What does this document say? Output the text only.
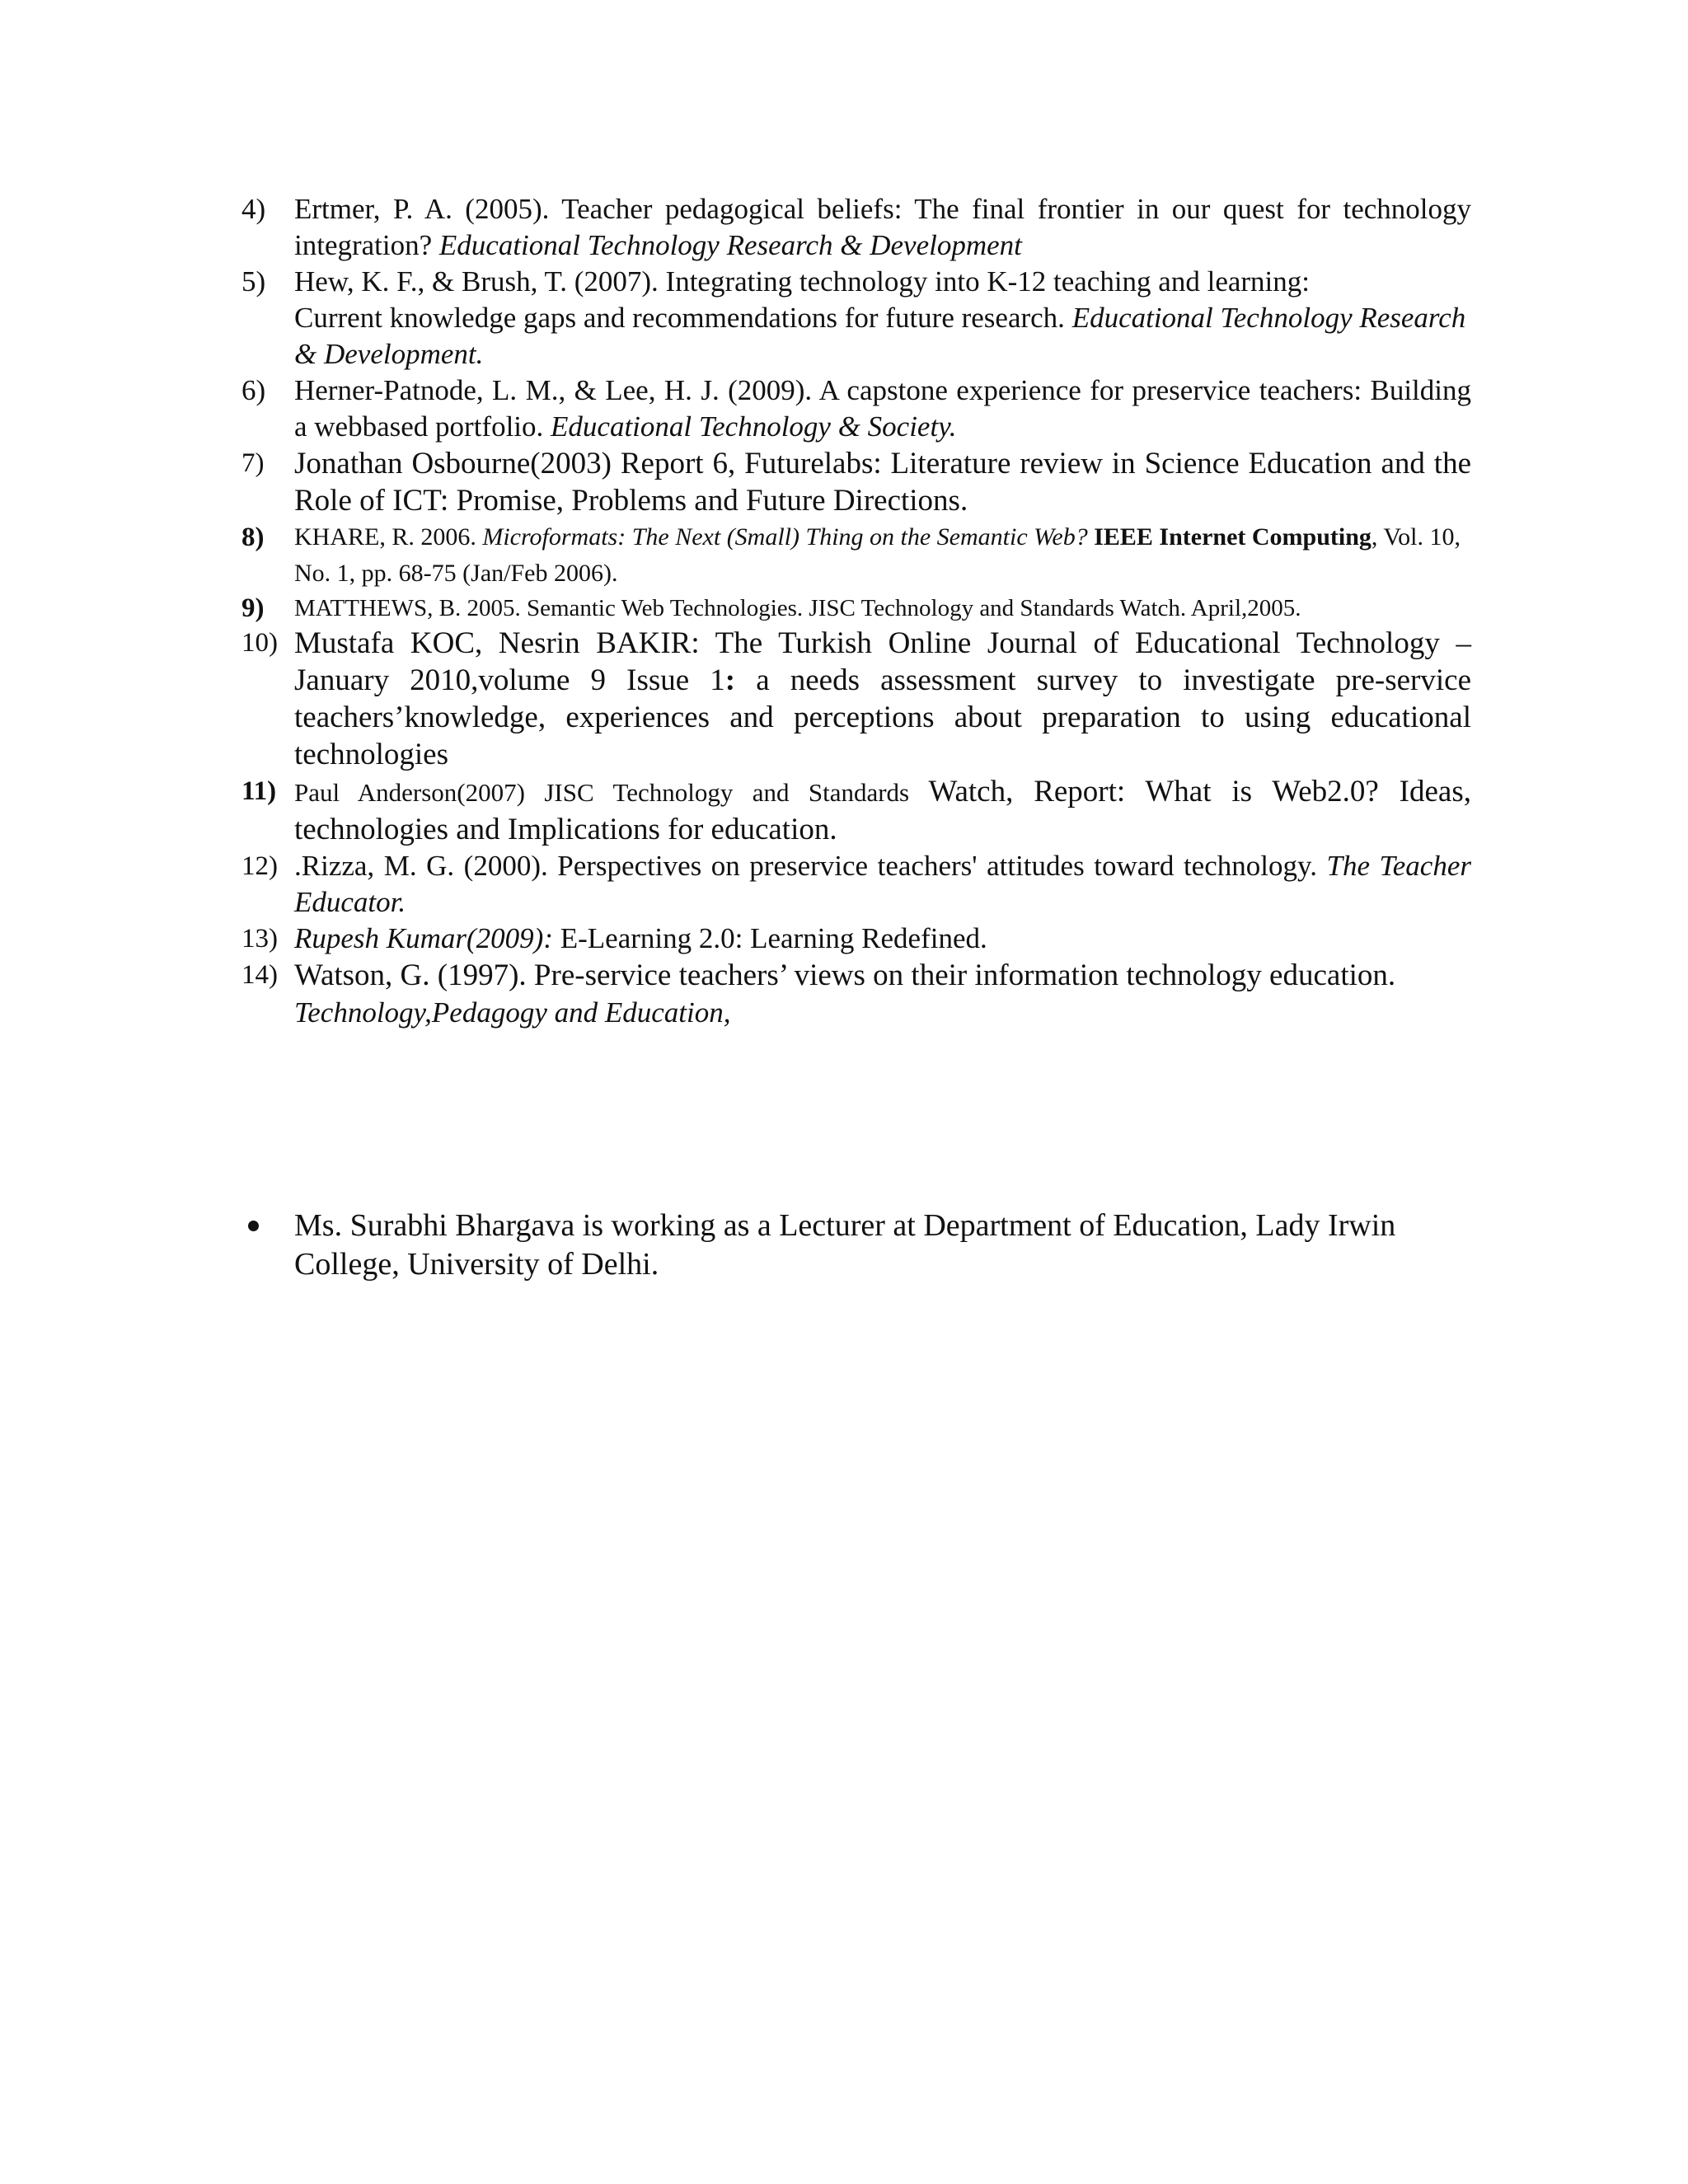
4) Ertmer, P. A. (2005). Teacher pedagogical beliefs: The final frontier in our quest for technology integration? Educational Technology Research & Development
5) Hew, K. F., & Brush, T. (2007). Integrating technology into K-12 teaching and learning:
Current knowledge gaps and recommendations for future research. Educational Technology Research & Development.
6) Herner-Patnode, L. M., & Lee, H. J. (2009). A capstone experience for preservice teachers: Building a webbased portfolio. Educational Technology & Society.
7) Jonathan Osbourne(2003) Report 6, Futurelabs: Literature review in Science Education and the Role of ICT: Promise, Problems and Future Directions.
8)	KHARE, R. 2006. Microformats: The Next (Small) Thing on the Semantic Web? IEEE Internet Computing, Vol. 10, No. 1, pp. 68-75 (Jan/Feb 2006).
9)	MATTHEWS, B. 2005. Semantic Web Technologies. JISC Technology and Standards Watch. April,2005.
10) Mustafa KOC, Nesrin BAKIR: The Turkish Online Journal of Educational Technology – January 2010,volume 9 Issue 1: a needs assessment survey to investigate pre-service teachers’knowledge, experiences and perceptions about preparation to using educational technologies
11) Paul Anderson(2007) JISC Technology and Standards Watch, Report: What is Web2.0? Ideas, technologies and Implications for education.
12) .Rizza, M. G. (2000). Perspectives on preservice teachers' attitudes toward technology. The Teacher Educator.
13) Rupesh Kumar(2009): E-Learning 2.0: Learning Redefined.
14) Watson, G. (1997). Pre-service teachers’ views on their information technology education.
Technology,Pedagogy and Education,
Ms. Surabhi Bhargava is working as a Lecturer at Department of Education, Lady Irwin College, University of Delhi.
